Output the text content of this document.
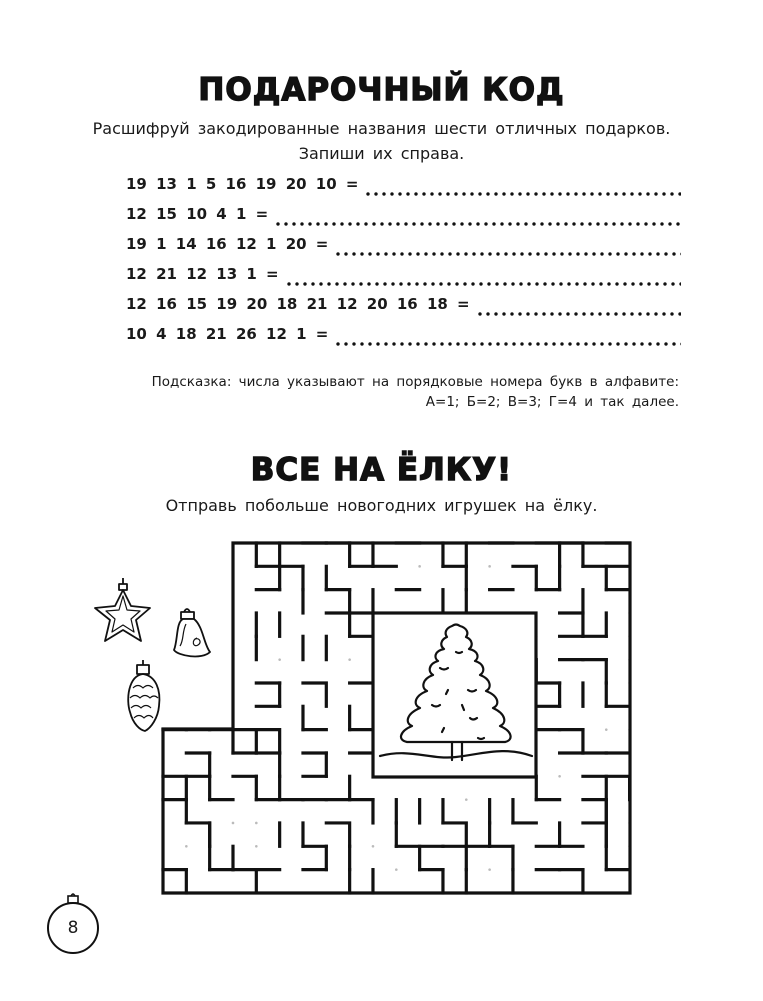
ПОДАРОЧНЫЙ КОД
Расшифруй закодированные названия шести отличных подарков.
Запиши их справа.
19 13 1 5 16 19 20 10 =
12 15 10 4 1 =
19 1 14 16 12 1 20 =
12 21 12 13 1 =
12 16 15 19 20 18 21 12 20 16 18 =
10 4 18 21 26 12 1 =
Подсказка: числа указывают на порядковые номера букв в алфавите:
А=1; Б=2; В=3; Г=4 и так далее.
ВСЕ НА ЁЛКУ!
Отправь побольше новогодних игрушек на ёлку.
8
